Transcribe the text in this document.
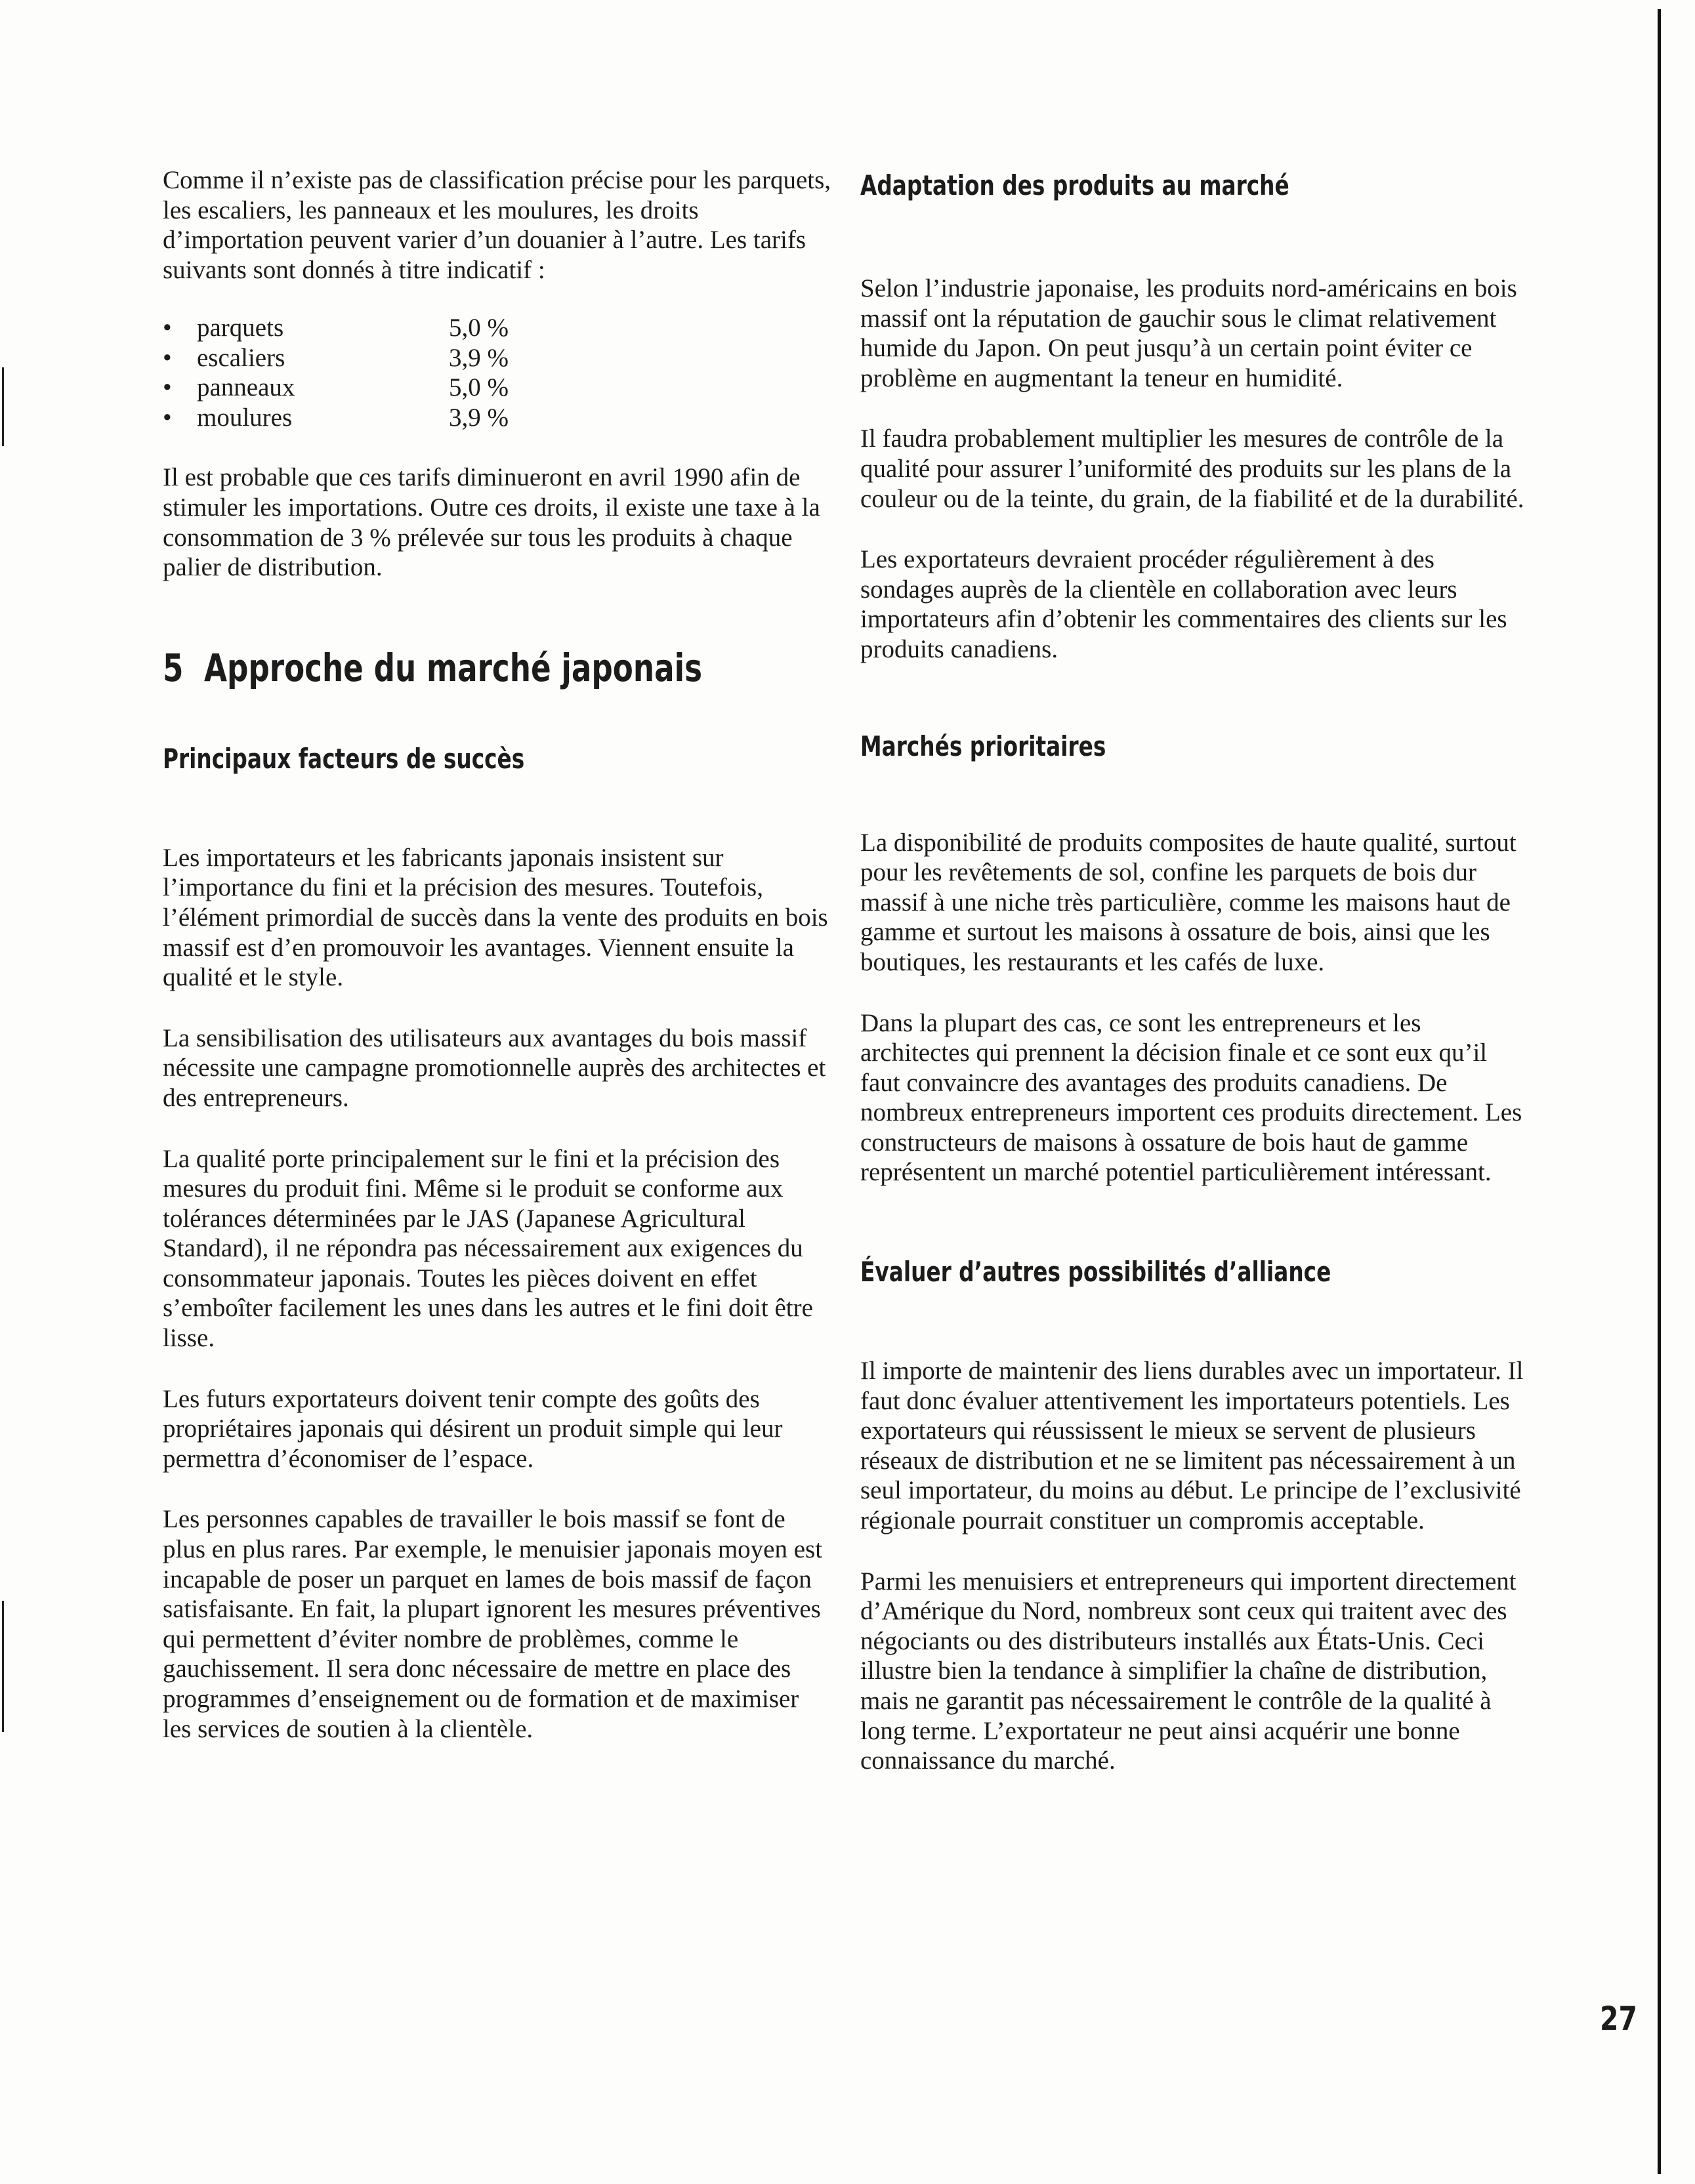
Comme il n’existe pas de classification précise pour les parquets, les escaliers, les panneaux et les moulures, les droits d’importation peuvent varier d’un douanier à l’autre. Les tarifs suivants sont donnés à titre indicatif :

• parquets	5,0 %
• escaliers	3,9 %
• panneaux	5,0 %
• moulures	3,9 %

Il est probable que ces tarifs diminueront en avril 1990 afin de stimuler les importations. Outre ces droits, il existe une taxe à la consommation de 3 % prélevée sur tous les produits à chaque palier de distribution.

5  Approche du marché japonais
Principaux facteurs de succès

Les importateurs et les fabricants japonais insistent sur l’importance du fini et la précision des mesures. Toutefois, l’élément primordial de succès dans la vente des produits en bois massif est d’en promouvoir les avantages. Viennent ensuite la qualité et le style.

La sensibilisation des utilisateurs aux avantages du bois massif nécessite une campagne promotionnelle auprès des architectes et des entrepreneurs.

La qualité porte principalement sur le fini et la précision des mesures du produit fini. Même si le produit se conforme aux tolérances déterminées par le JAS (Japanese Agricultural Standard), il ne répondra pas nécessairement aux exigences du consommateur japonais. Toutes les pièces doivent en effet s’emboîter facilement les unes dans les autres et le fini doit être lisse.

Les futurs exportateurs doivent tenir compte des goûts des propriétaires japonais qui désirent un produit simple qui leur permettra d’économiser de l’espace.

Les personnes capables de travailler le bois massif se font de plus en plus rares. Par exemple, le menuisier japonais moyen est incapable de poser un parquet en lames de bois massif de façon satisfaisante. En fait, la plupart ignorent les mesures préventives qui permettent d’éviter nombre de problèmes, comme le gauchissement. Il sera donc nécessaire de mettre en place des programmes d’enseignement ou de formation et de maximiser les services de soutien à la clientèle.

Adaptation des produits au marché

Selon l’industrie japonaise, les produits nord-américains en bois massif ont la réputation de gauchir sous le climat relativement humide du Japon. On peut jusqu’à un certain point éviter ce problème en augmentant la teneur en humidité.

Il faudra probablement multiplier les mesures de contrôle de la qualité pour assurer l’uniformité des produits sur les plans de la couleur ou de la teinte, du grain, de la fiabilité et de la durabilité.

Les exportateurs devraient procéder régulièrement à des sondages auprès de la clientèle en collaboration avec leurs importateurs afin d’obtenir les commentaires des clients sur les produits canadiens.

Marchés prioritaires

La disponibilité de produits composites de haute qualité, surtout pour les revêtements de sol, confine les parquets de bois dur massif à une niche très particulière, comme les maisons haut de gamme et surtout les maisons à ossature de bois, ainsi que les boutiques, les restaurants et les cafés de luxe.

Dans la plupart des cas, ce sont les entrepreneurs et les architectes qui prennent la décision finale et ce sont eux qu’il faut convaincre des avantages des produits canadiens. De nombreux entrepreneurs importent ces produits directement. Les constructeurs de maisons à ossature de bois haut de gamme représentent un marché potentiel particulièrement intéressant.

Évaluer d’autres possibilités d’alliance

Il importe de maintenir des liens durables avec un importateur. Il faut donc évaluer attentivement les importateurs potentiels. Les exportateurs qui réussissent le mieux se servent de plusieurs réseaux de distribution et ne se limitent pas nécessairement à un seul importateur, du moins au début. Le principe de l’exclusivité régionale pourrait constituer un compromis acceptable.

Parmi les menuisiers et entrepreneurs qui importent directement d’Amérique du Nord, nombreux sont ceux qui traitent avec des négociants ou des distributeurs installés aux États-Unis. Ceci illustre bien la tendance à simplifier la chaîne de distribution, mais ne garantit pas nécessairement le contrôle de la qualité à long terme. L’exportateur ne peut ainsi acquérir une bonne connaissance du marché.

27
